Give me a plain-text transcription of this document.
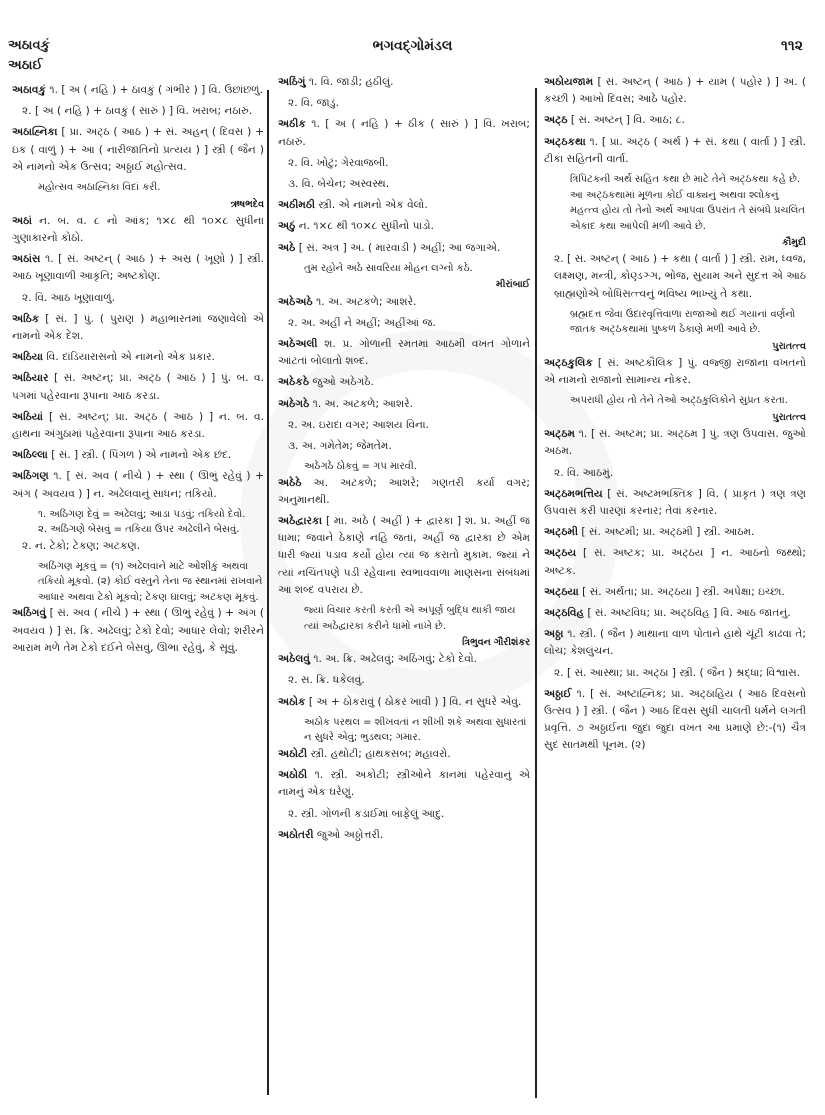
અઠાવકું
અઠાઈ
ભગવદ્ગોમંડલ	૧૧૨
અઠાવકું ૧. [ અ ( નહિ ) + ઠાવકું ( ગંભીર ) ] વિ. ઉછાંછળું.
૨. [ અ ( નહિ ) + ઠાવકું ( સારું ) ] વિ. ખરાબ; નઠારું.
અઠાહ્નિકા [ પ્રા. અટ્ઠ ( આઠ ) + સં. અહન્ ( દિવસ ) + ઇક ( વાળું ) + આ ( નારીજાતિનો પ્રત્યય ) ] સ્ત્રી ( જૈન ) એ નામનો એક ઉત્સવ; અઠ્ઠાઈ મહોત્સવ.
મહોત્સવ અઠાહ્નિકા વિદાં કરી.
ઋષભદેવ
અઠાં ન. બ. વ. ૮ નો આંક; ૧×૮ થી ૧૦×૮ સુધીના ગુણાકારનો કોઠો.
અઠાંસ ૧. [ સં. અષ્ટન્ ( આઠ ) + અસ્ર ( ખૂણો ) ] સ્ત્રી. આઠ ખૂણાવાળી આકૃતિ; અષ્ટકોણ.
૨. વિ. આઠ ખૂણાવાળું.
અઠિક [ સં. ] પું. ( પુરાણ ) મહાભારતમાં જણાવેલો એ નામનો એક દેશ.
અઠિયા વિ. દાંડિયારાસનો એ નામનો એક પ્રકાર.
અઠિયાર [ સં. અષ્ટન્; પ્રા. અટ્ઠ ( આઠ ) ] પું. બ. વ. પગમાં પહેરવાના રૂપાના આઠ કરડા.
અઠિયાં [ સં. અષ્ટન્; પ્રા. અટ્ઠ ( આઠ ) ] ન. બ. વ. હાથના અંગુઠામાં પહેરવાના રૂપાના આઠ કરડા.
અઠિલ્લા [ સં. ] સ્ત્રી. ( પિંગળ ) એ નામનો એક છંદ.
અઠિંગણ ૧. [ સં. અવ ( નીચે ) + સ્થા ( ઊભું રહેવું ) + અંગ ( અવયવ ) ] ન. અઢેલવાનું સાધન; તકિયો.
૧. અઠિંગણ દેવું = અઢેલવું; આડા પડવું; તકિયો દેવો.
૨. અઠિંગણે બેસવું = તકિયા ઉપર અઢેલીને બેસવું.
૨. ન. ટેકો; ટેકણ; અટકણ.
અઠિંગણ મૂકવું = (૧) અઢેલવાને માટે ઓશીકું અથવા તકિયો મૂકવો. (૨) કોઈ વસ્તુને તેના જ સ્થાનમાં રાખવાને આધાર અથવા ટેકો મૂકવો; ટેકણ ઘાલવું; અટકણ મૂકવું.
અઠિંગવું [ સં. અવ ( નીચે ) + સ્થા ( ઊભું રહેવું ) + અંગ ( અવયવ ) ] સ. ક્રિ. અઢેલવું; ટેકો દેવો; આધાર લેવો; શરીરને આરામ મળે તેમ ટેકો દઈને બેસવું, ઊભા રહેવું, કે સૂવું.
અઠિંગું ૧. વિ. જાડી; હઠીલું.
૨. વિ. જાડું.
અઠીક ૧. [ અ ( નહિ ) + ઠીક ( સારું ) ] વિ. ખરાબ; નઠારું.
૨. વિ. ખોટું; ગેરવાજબી.
૩. વિ. બેચેન; અસ્વસ્થ.
અઠીમઠી સ્ત્રી. એ નામનો એક વેલો.
અઠું ન. ૧×૮ થી ૧૦×૮ સુધીનો પાડો.
અઠે [ સં. અત્ર ] અ. ( મારવાડી ) અહીં; આ જગાએ.
તુમ રહોને અઠે સાવરિયા મોહન લગ્નો કઠે.
મીરાંબાઈ
અઠેઅઠે ૧. અ. અટકળે; આશરે.
૨. અ. અહીં ને અહીં; અહીંઆં જ.
અઠેઅલી શ. પ્ર. ગોળાની રમતમાં આઠમી વખત ગોળાને આંટતાં બોલાતો શબ્દ.
અઠેકઠે જુઓ અઠેગઠે.
અઠેગઠે ૧. અ. અટકળે; આશરે.
૨. અ. ઇરાદા વગર; આશય વિના.
૩. અ. ગમેતેમ; જેમતેમ.
અઠેગઠે ઠોકવું = ગપ મારવી.
અઠેઠે અ. અટકળે; આશરે; ગણતરી કર્યા વગર; અનુમાનથી.
અઠેદ્વારકા [ મા. અઠે ( અહીં ) + દ્વારકા ] શ. પ્ર. અહીં જ ધામા; જવાને ઠેકાણે નહિ જતાં, અહીં જ દ્વારકા છે એમ ધારી જ્યાં પડાવ કર્યો હોય ત્યાં જ કરાતો મુકામ. જ્યાં ને ત્યાં નચિંતપણે પડી રહેવાના સ્વભાવવાળા માણસના સંબંધમાં આ શબ્દ વપરાય છે.
જ્યાં વિચાર કરતી કરતી એ અપૂર્ણ બુદ્ધિ થાકી જાય ત્યાં અઠેદ્વારકા કરીને ધામો નાખે છે.
ત્રિભુવન ગૌરીશંકર
અઠેલવું ૧. અ. ક્રિ. અઢેલવું; અઠિંગવું; ટેકો દેવો.
૨. સ. ક્રિ. ધકેલવું.
અઠોક [ અ + ઠોકરાવું ( ઠોકર ખાવી ) ] વિ. ન સુધરે એવું.
અઠોક પરથલ = શીખવતાં ન શીખી શકે અથવા સુધારતાં ન સુધરે એવું; ભુડથલ; ગમાર.
અઠોટી સ્ત્રી. હથોટી; હાથકસબ; મહાવરો.
અઠોઠી ૧. સ્ત્રી. અકોટી; સ્ત્રીઓને કાનમાં પહેરવાનું એ નામનું એક ઘરેણું.
૨. સ્ત્રી. ગોળની કડાઈમાં બાફેલું આદુ.
અઠોતરી જુઓ અઠ્ઠોત્તરી.
અઠોયજામ [ સં. અષ્ટન્ ( આઠ ) + યામ ( પહોર ) ] અ. ( કચ્છી ) આખો દિવસ; આઠે પહોર.
અટ્ઠ [ સં. અષ્ટન્ ] વિ. આઠ; ૮.
અટ્ઠકથા ૧. [ પ્રા. અટ્ઠ ( અર્થ ) + સં. કથા ( વાર્તા ) ] સ્ત્રી. ટીકા સહિતની વાર્તા.
ત્રિપિટકની અર્થ સહિત કથા છે માટે તેને અટ્ઠકથા કહે છે. આ અટ્ઠકથામાં મૂળના કોઈ વાક્યનું અથવા શ્લોકનું મહત્ત્વ હોય તો તેનો અર્થ આપવા ઉપરાંત તે સંબંધે પ્રચલિત એકાદ કથા આપેલી મળી આવે છે.
કૌમુદી
૨. [ સં. અષ્ટન્ ( આઠ ) + કથા ( વાર્તા ) ] સ્ત્રી. રામ, ધ્વજ, લક્ષ્મણ, મન્ત્રી, કોણ્ડઞ્ઞ, ભોજ, સુયામ અને સુદત્ત એ આઠ બ્રાહ્મણોએ બોધિસત્ત્વનું ભવિષ્ય ભાખ્યું તે કથા.
બ્રહ્મદત્ત જેવા ઉદારવૃત્તિવાળા રાજાઓ થઈ ગયાનાં વર્ણનો જાતક અટ્ઠકથામાં પુષ્કળ ઠેકાણે મળી આવે છે.
પુરાતત્ત્વ
અટ્ઠકુલિક [ સં. અષ્ટકૌલિક ] પું. વજ્જી રાજાના વખતનો એ નામનો રાજાનો સામાન્ય નોકર.
અપરાધી હોય તો તેને તેઓ અટ્ઠકુલિકોને સુપ્રત કરતા.
પુરાતત્ત્વ
અટ્ઠમ ૧. [ સં. અષ્ટમ; પ્રા. અટ્ઠમ ] પું. ત્રણ ઉપવાસ. જુઓ અઠમ.
૨. વિ. આઠમું.
અટ્ઠમભત્તિય [ સં. અષ્ટમભક્તિક ] વિ. ( પ્રાકૃત ) ત્રણ ત્રણ ઉપવાસ કરી પારણાં કરનાર; તેવાં કરનાર.
અટ્ઠમી [ સં. અષ્ટમી; પ્રા. અટ્ઠમી ] સ્ત્રી. આઠમ.
અટ્ઠય [ સં. અષ્ટક; પ્રા. અટ્ઠય ] ન. આઠનો જથ્થો; અષ્ટક.
અટ્ઠયા [ સં. અર્થતા; પ્રા. અટ્ઠયા ] સ્ત્રી. અપેક્ષા; ઇચ્છા.
અટ્ઠવિહ [ સં. અષ્ટવિધ; પ્રા. અટ્ઠવિહ ] વિ. આઠ જાતનું.
અઠ્ઠા ૧. સ્ત્રી. ( જૈન ) માથાના વાળ પોતાને હાથે ચૂંટી કાઢવા તે; લોચ; કેશલુંચન.
૨. [ સં. આસ્થા; પ્રા. અટ્ઠા ] સ્ત્રી. ( જૈન ) શ્રદ્ધા; વિશ્વાસ.
અઠ્ઠાઈ ૧. [ સં. અષ્ટાહ્નિક; પ્રા. અટ્ઠાહિય ( આઠ દિવસનો ઉત્સવ ) ] સ્ત્રી. ( જૈન ) આઠ દિવસ સુધી ચાલતી ધર્મને લગતી પ્રવૃત્તિ. ૭ અઠ્ઠાઈના જુદા જુદા વખત આ પ્રમાણે છે:-(૧) ચૈત્ર સુદ સાતમથી પૂનમ. (૨)
